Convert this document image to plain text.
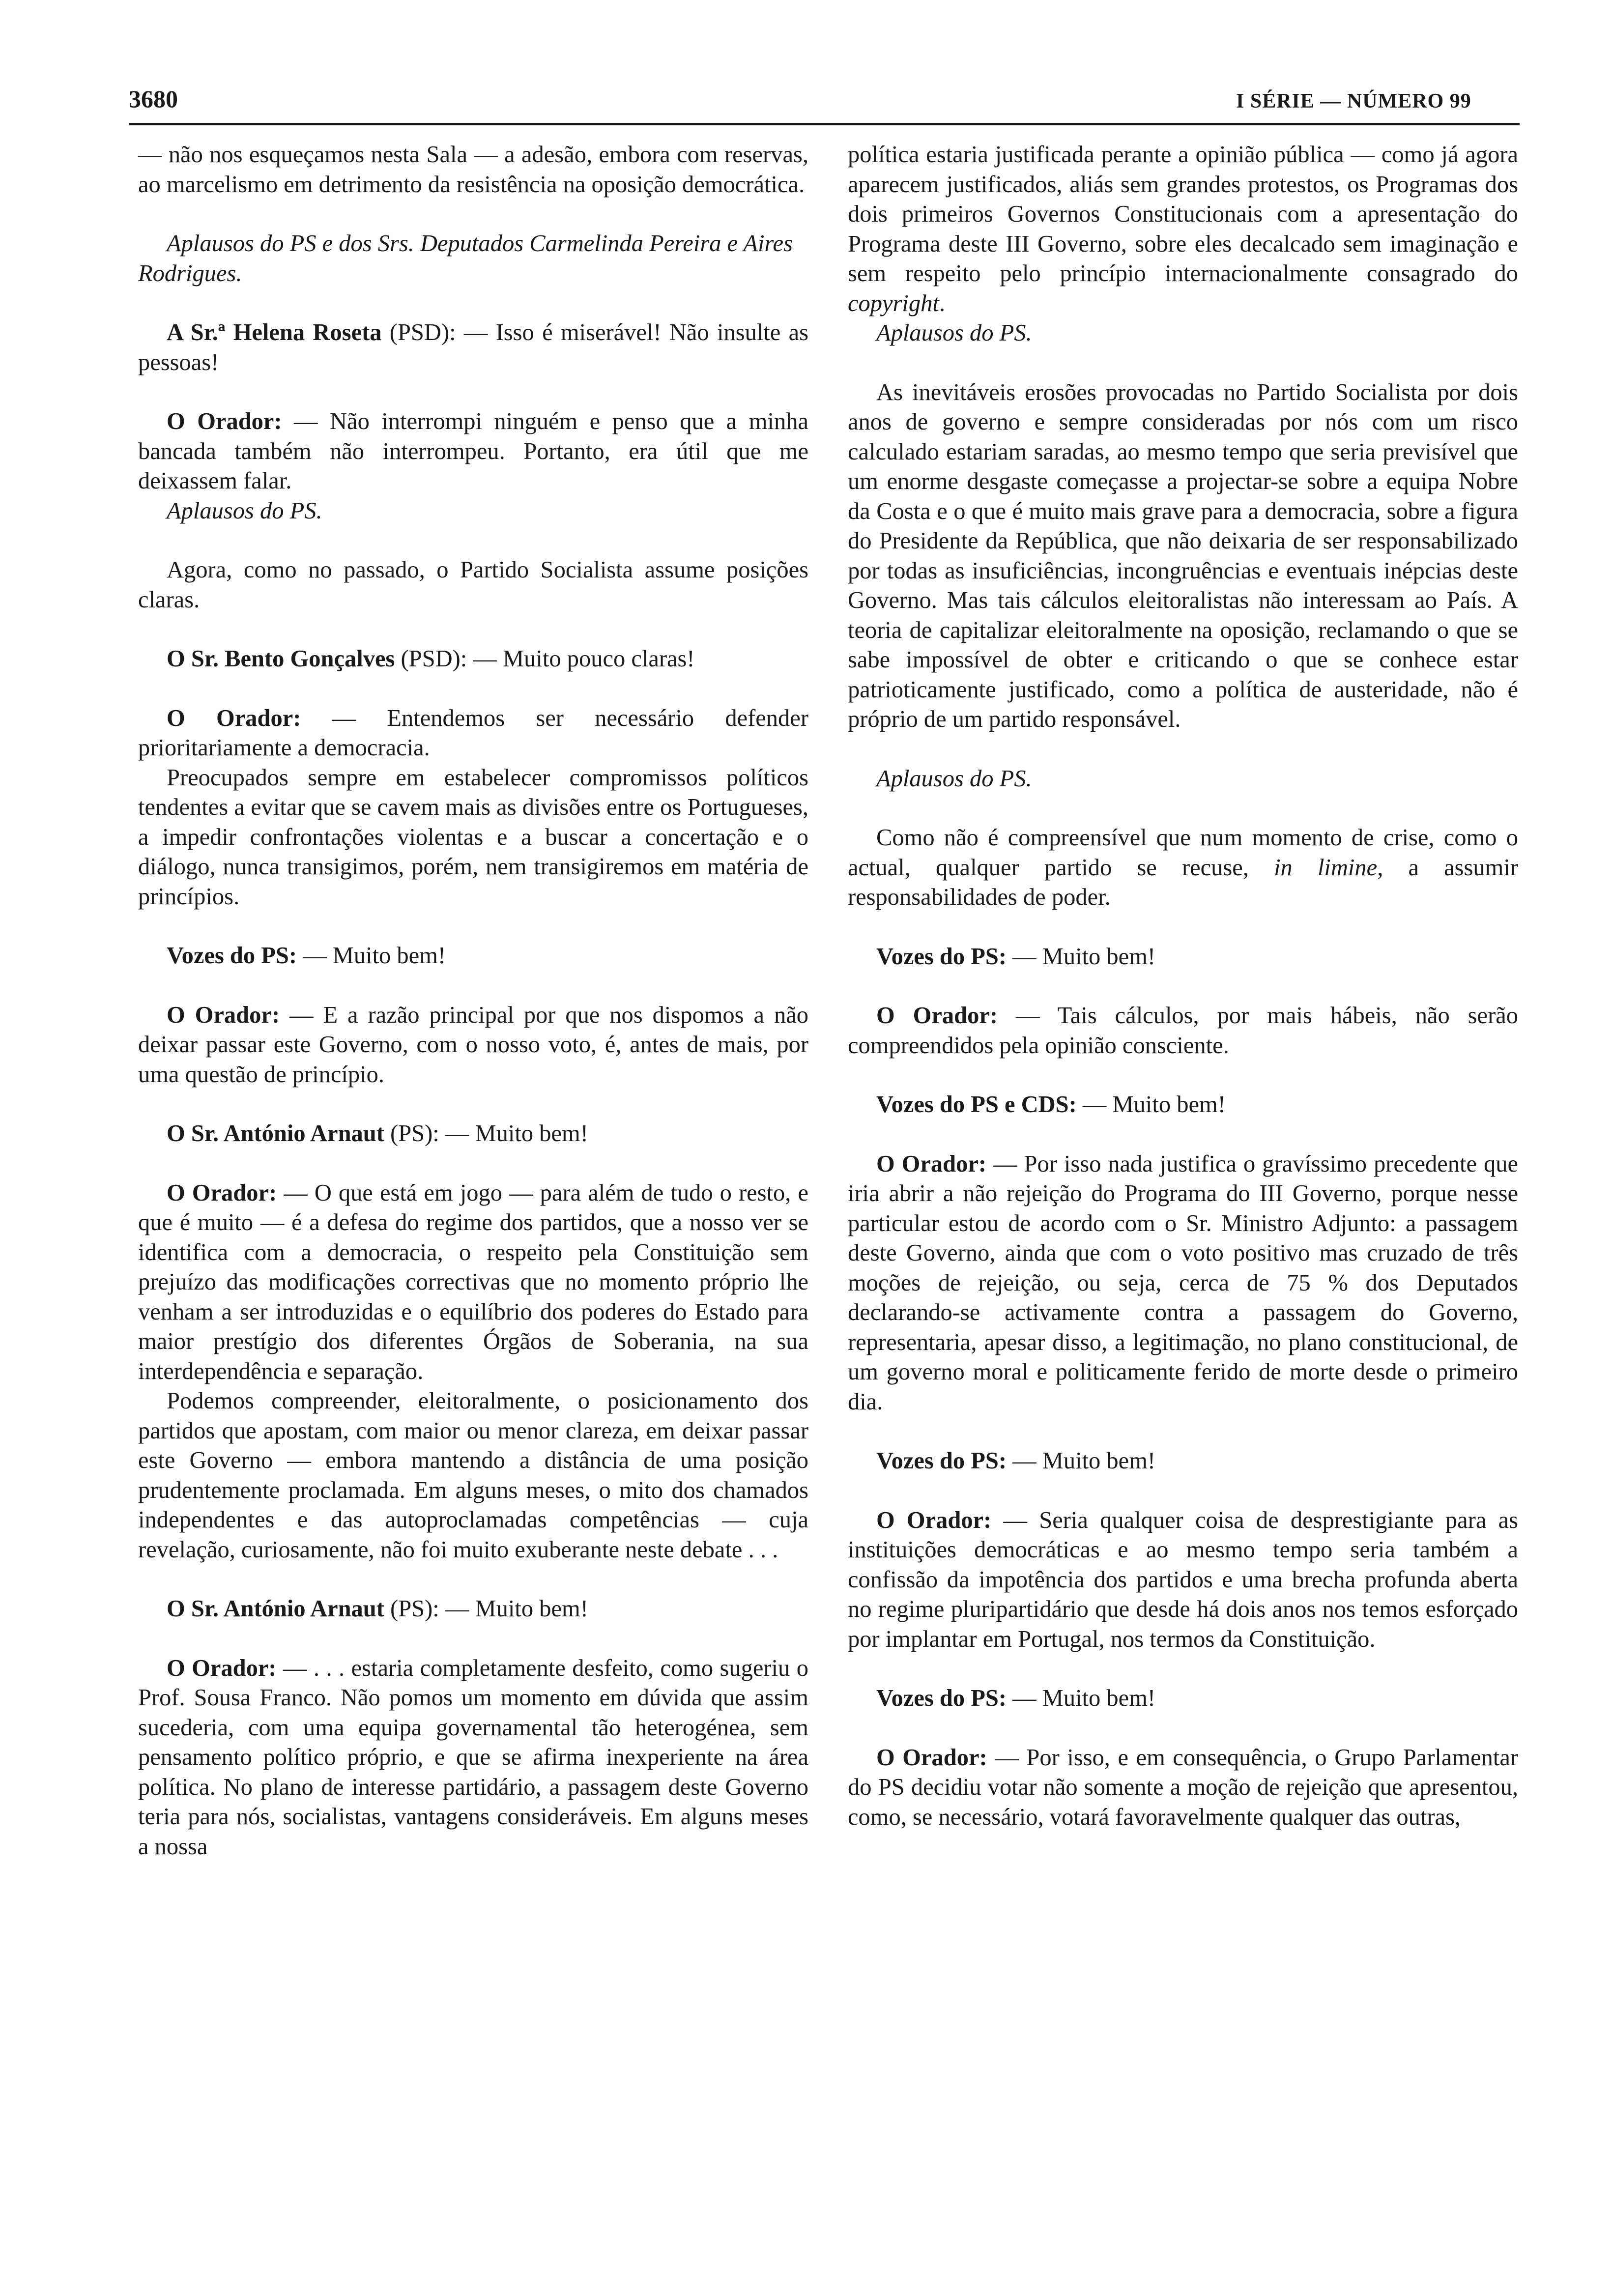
3680	I SÉRIE — NÚMERO 99

— não nos esqueçamos nesta Sala — a adesão, embora com reservas, ao marcelismo em detrimento da resistência na oposição democrática.

Aplausos do PS e dos Srs. Deputados Carmelinda Pereira e Aires Rodrigues.

A Sr.ª Helena Roseta (PSD): — Isso é miserável! Não insulte as pessoas!

O Orador: — Não interrompi ninguém e penso que a minha bancada também não interrompeu. Portanto, era útil que me deixassem falar.

Aplausos do PS.

Agora, como no passado, o Partido Socialista assume posições claras.

O Sr. Bento Gonçalves (PSD): — Muito pouco claras!

O Orador: — Entendemos ser necessário defender prioritariamente a democracia.

Preocupados sempre em estabelecer compromissos políticos tendentes a evitar que se cavem mais as divisões entre os Portugueses, a impedir confrontações violentas e a buscar a concertação e o diálogo, nunca transigimos, porém, nem transigiremos em matéria de princípios.

Vozes do PS: — Muito bem!

O Orador: — E a razão principal por que nos dispomos a não deixar passar este Governo, com o nosso voto, é, antes de mais, por uma questão de princípio.

O Sr. António Arnaut (PS): — Muito bem!

O Orador: — O que está em jogo — para além de tudo o resto, e que é muito — é a defesa do regime dos partidos, que a nosso ver se identifica com a democracia, o respeito pela Constituição sem prejuízo das modificações correctivas que no momento próprio lhe venham a ser introduzidas e o equilíbrio dos poderes do Estado para maior prestígio dos diferentes Órgãos de Soberania, na sua interdependência e separação.

Podemos compreender, eleitoralmente, o posicionamento dos partidos que apostam, com maior ou menor clareza, em deixar passar este Governo — embora mantendo a distância de uma posição prudentemente proclamada. Em alguns meses, o mito dos chamados independentes e das autoproclamadas competências — cuja revelação, curiosamente, não foi muito exuberante neste debate . . .

O Sr. António Arnaut (PS): — Muito bem!

O Orador: — . . . estaria completamente desfeito, como sugeriu o Prof. Sousa Franco. Não pomos um momento em dúvida que assim sucederia, com uma equipa governamental tão heterogénea, sem pensamento político próprio, e que se afirma inexperiente na área política. No plano de interesse partidário, a passagem deste Governo teria para nós, socialistas, vantagens consideráveis. Em alguns meses a nossa

política estaria justificada perante a opinião pública — como já agora aparecem justificados, aliás sem grandes protestos, os Programas dos dois primeiros Governos Constitucionais com a apresentação do Programa deste III Governo, sobre eles decalcado sem imaginação e sem respeito pelo princípio internacionalmente consagrado do copyright.

Aplausos do PS.

As inevitáveis erosões provocadas no Partido Socialista por dois anos de governo e sempre consideradas por nós com um risco calculado estariam saradas, ao mesmo tempo que seria previsível que um enorme desgaste começasse a projectar-se sobre a equipa Nobre da Costa e o que é muito mais grave para a democracia, sobre a figura do Presidente da República, que não deixaria de ser responsabilizado por todas as insuficiências, incongruências e eventuais inépcias deste Governo. Mas tais cálculos eleitoralistas não interessam ao País. A teoria de capitalizar eleitoralmente na oposição, reclamando o que se sabe impossível de obter e criticando o que se conhece estar patrioticamente justificado, como a política de austeridade, não é próprio de um partido responsável.

Aplausos do PS.

Como não é compreensível que num momento de crise, como o actual, qualquer partido se recuse, in limine, a assumir responsabilidades de poder.

Vozes do PS: — Muito bem!

O Orador: — Tais cálculos, por mais hábeis, não serão compreendidos pela opinião consciente.

Vozes do PS e CDS: — Muito bem!

O Orador: — Por isso nada justifica o gravíssimo precedente que iria abrir a não rejeição do Programa do III Governo, porque nesse particular estou de acordo com o Sr. Ministro Adjunto: a passagem deste Governo, ainda que com o voto positivo mas cruzado de três moções de rejeição, ou seja, cerca de 75 % dos Deputados declarando-se activamente contra a passagem do Governo, representaria, apesar disso, a legitimação, no plano constitucional, de um governo moral e politicamente ferido de morte desde o primeiro dia.

Vozes do PS: — Muito bem!

O Orador: — Seria qualquer coisa de desprestigiante para as instituições democráticas e ao mesmo tempo seria também a confissão da impotência dos partidos e uma brecha profunda aberta no regime pluripartidário que desde há dois anos nos temos esforçado por implantar em Portugal, nos termos da Constituição.

Vozes do PS: — Muito bem!

O Orador: — Por isso, e em consequência, o Grupo Parlamentar do PS decidiu votar não somente a moção de rejeição que apresentou, como, se necessário, votará favoravelmente qualquer das outras,
